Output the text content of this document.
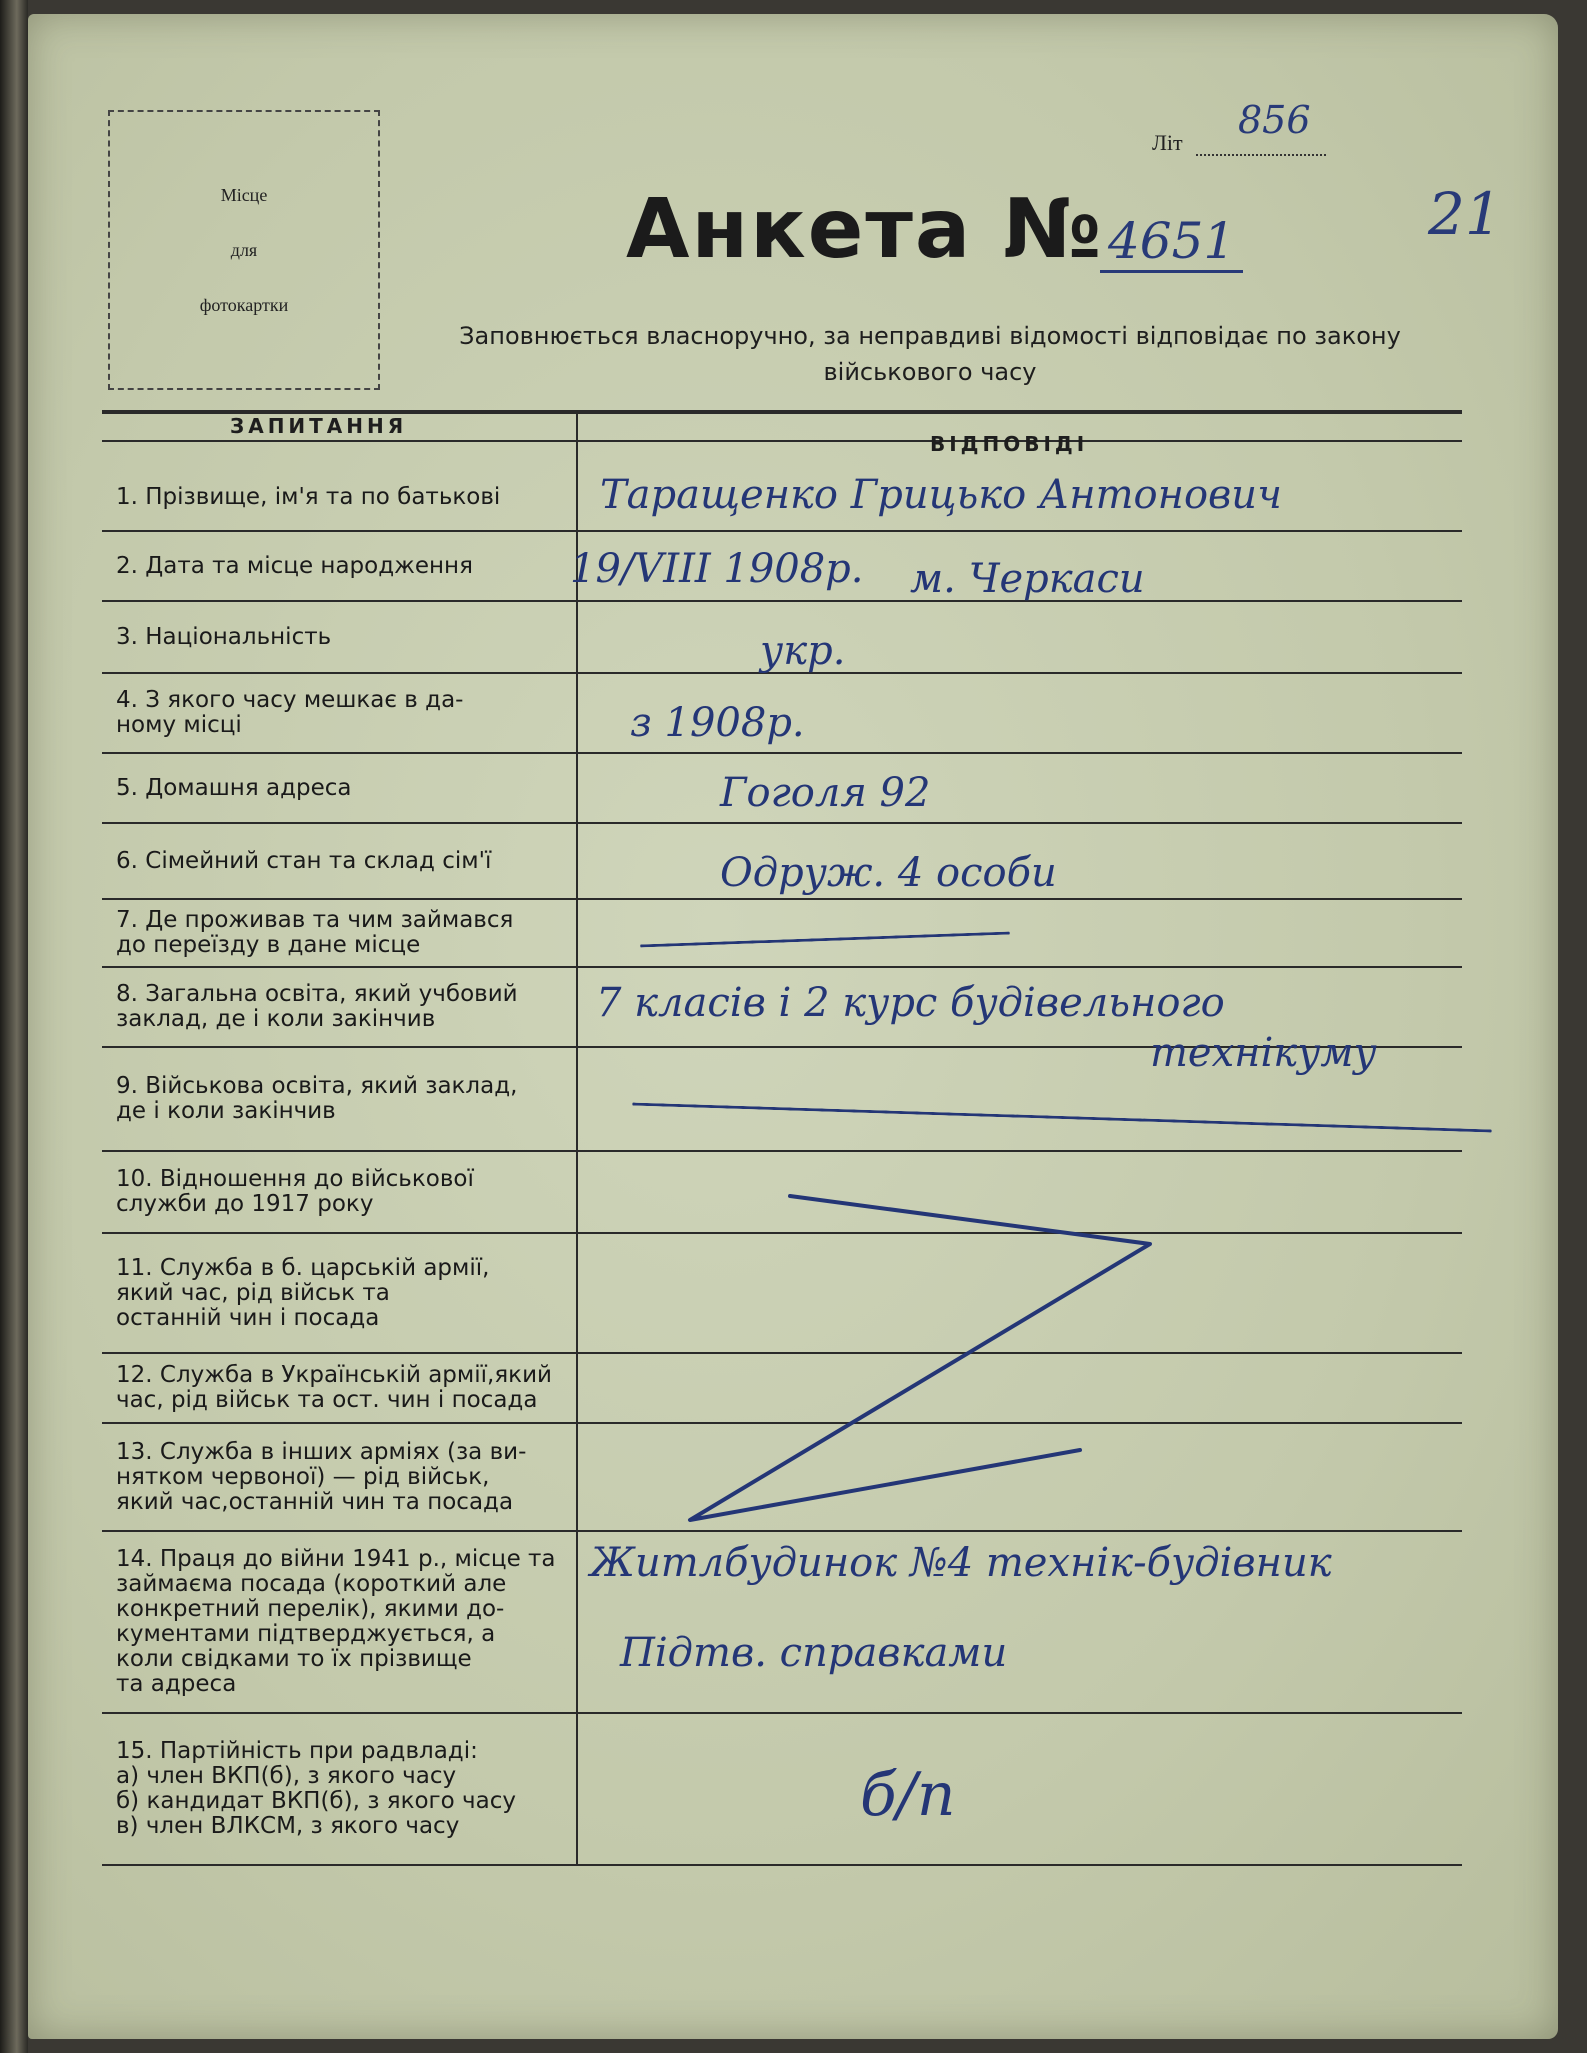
Місце
для
фотокартки
Літ
856
21
Анкета № 4651
Заповнюється власноручно, за неправдиві відомості відповідає по закону
військового часу
ЗАПИТАННЯ
ВІДПОВІДІ
1. Прізвище, ім'я та по батькові
2. Дата та місце народження
3. Національність
4. З якого часу мешкає в да-
ному місці
5. Домашня адреса
6. Сімейний стан та склад сім'ї
7. Де проживав та чим займався
до переїзду в дане місце
8. Загальна освіта, який учбовий
заклад, де і коли закінчив
9. Військова освіта, який заклад,
де і коли закінчив
10. Відношення до військової
служби до 1917 року
11. Служба в б. царській армії,
який час, рід військ та
останній чин і посада
12. Служба в Українській армії,який
час, рід військ та ост. чин і посада
13. Служба в інших арміях (за ви-
нятком червоної) — рід військ,
який час,останній чин та посада
14. Праця до війни 1941 р., місце та
займаєма посада (короткий але
конкретний перелік), якими до-
кументами підтверджується, а
коли свідками то їх прізвище
та адреса
15. Партійність при радвладі:
а) член ВКП(б), з якого часу
б) кандидат ВКП(б), з якого часу
в) член ВЛКСМ, з якого часу
Таращенко Грицько Антонович
19/VIII 1908р. м. Черкаси
укр.
з 1908р.
Гоголя 92
Одруж. 4 особи
7 класів і 2 курс будівельного
технікуму
Житлбудинок №4 технік-будівник
Підтв. справками
б/п
